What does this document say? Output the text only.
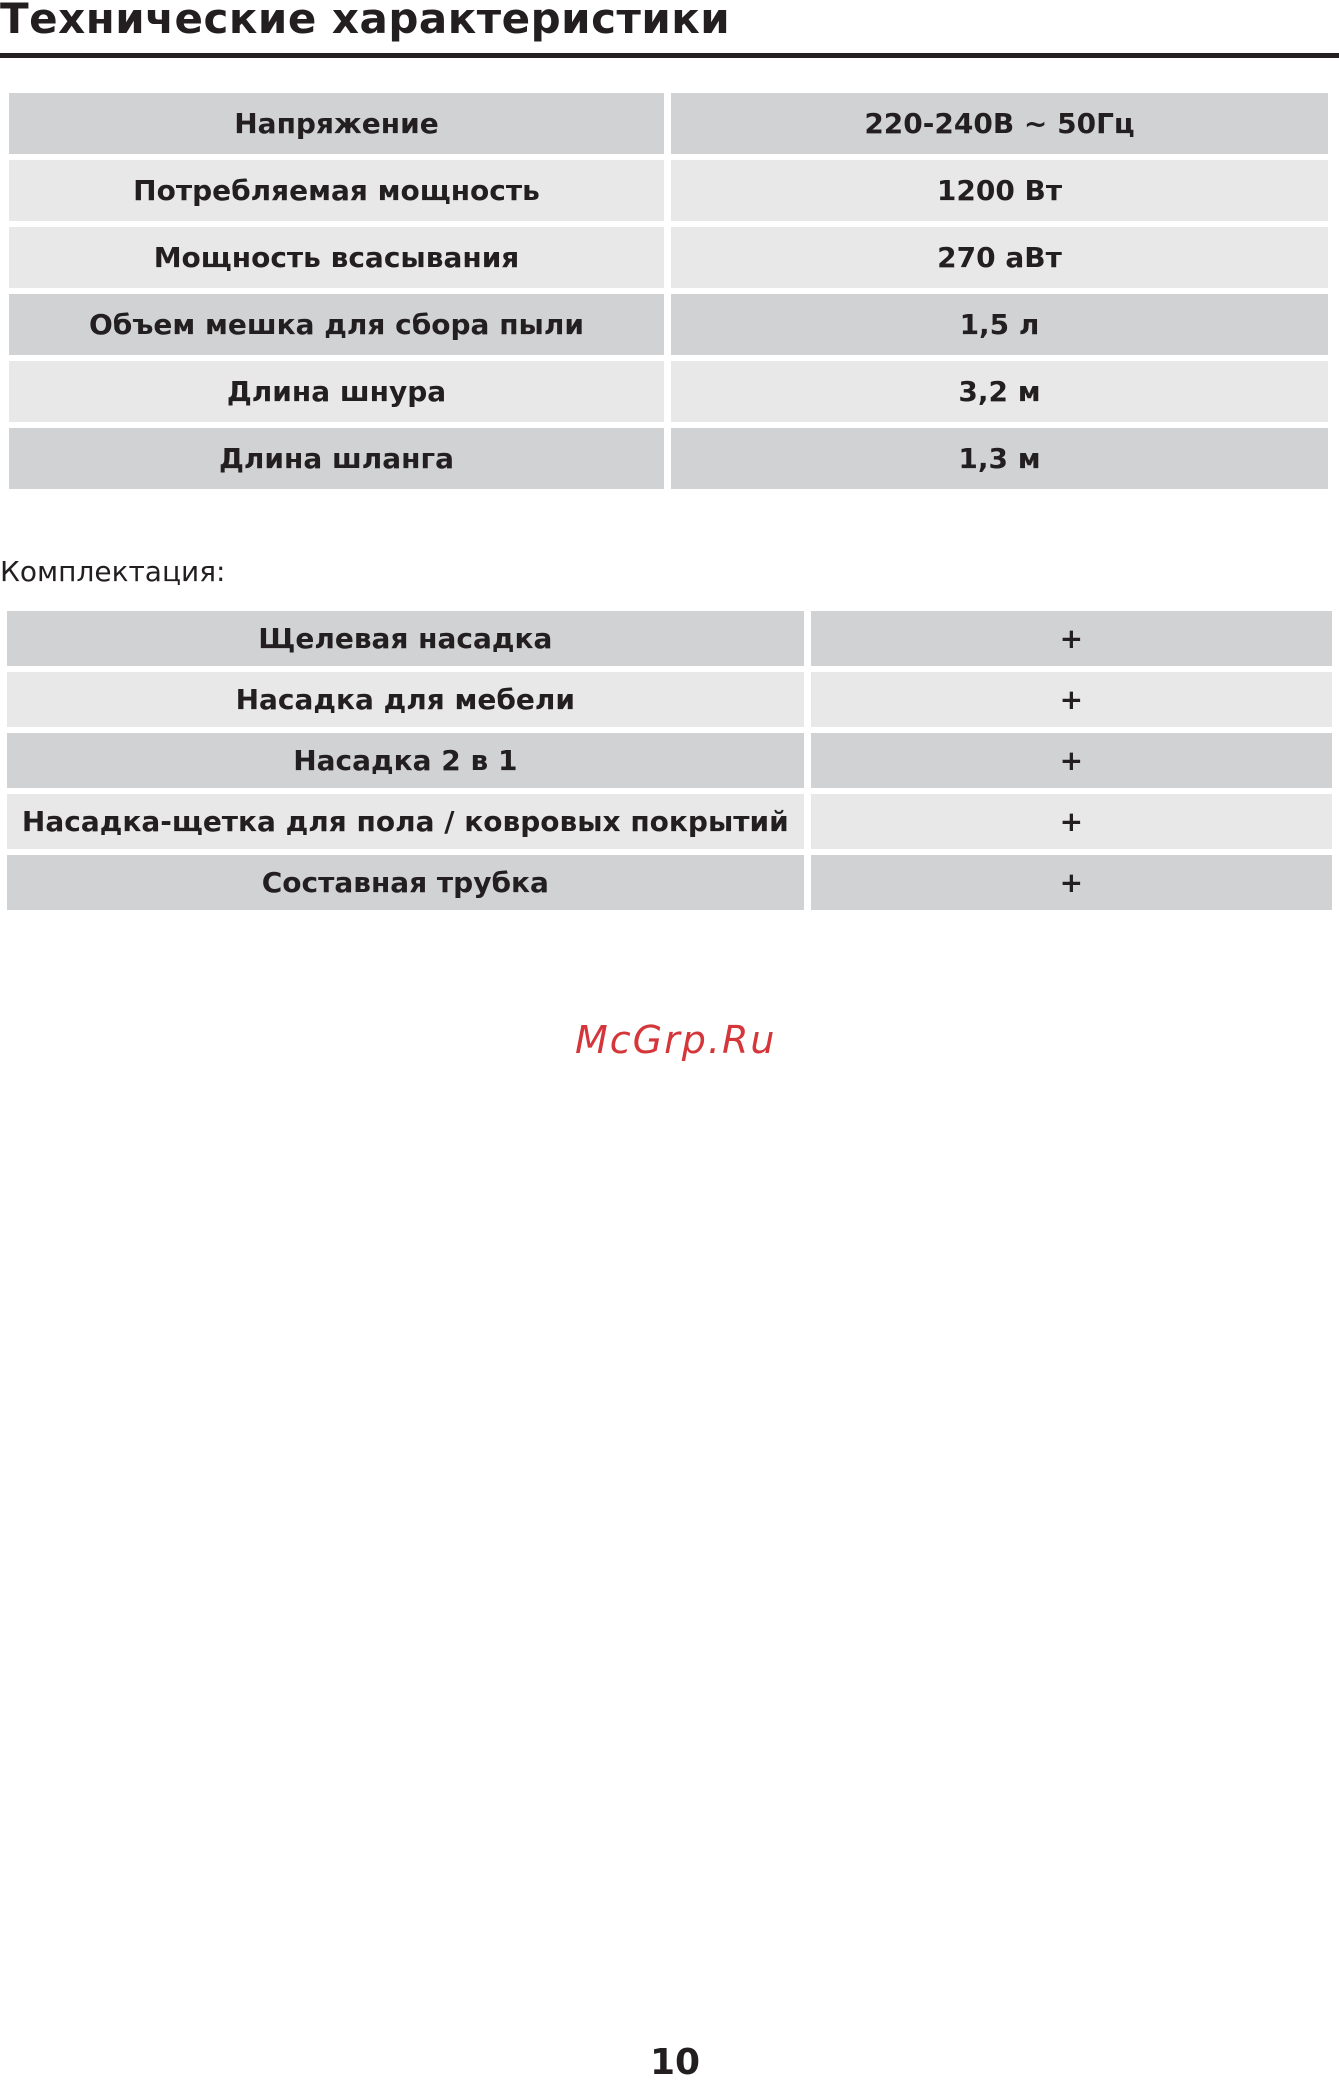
Технические характеристики
Напряжение	220-240В ~ 50Гц
Потребляемая мощность	1200 Вт
Мощность всасывания	270 аВт
Объем мешка для сбора пыли	1,5 л
Длина шнура	3,2 м
Длина шланга	1,3 м
Комплектация:
Щелевая насадка	+
Насадка для мебели	+
Насадка 2 в 1	+
Насадка-щетка для пола / ковровых покрытий	+
Составная трубка	+
McGrp.Ru
10
